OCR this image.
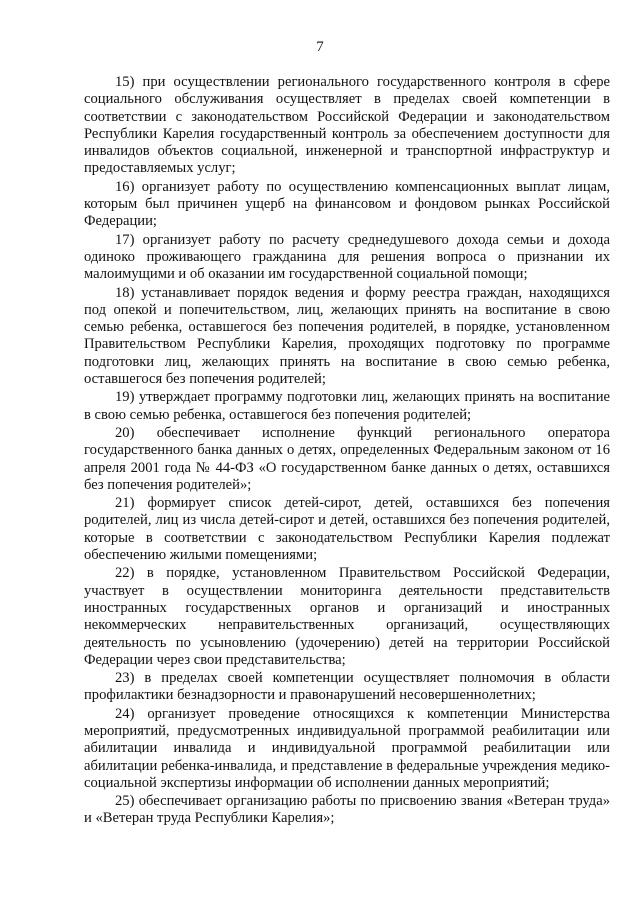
7

15) при осуществлении регионального государственного контроля в сфере социального обслуживания осуществляет в пределах своей компетенции в соответствии с законодательством Российской Федерации и законодательством Республики Карелия государственный контроль за обеспечением доступности для инвалидов объектов социальной, инженерной и транспортной инфраструктур и предоставляемых услуг;

16) организует работу по осуществлению компенсационных выплат лицам, которым был причинен ущерб на финансовом и фондовом рынках Российской Федерации;

17) организует работу по расчету среднедушевого дохода семьи и дохода одиноко проживающего гражданина для решения вопроса о признании их малоимущими и об оказании им государственной социальной помощи;

18) устанавливает порядок ведения и форму реестра граждан, находящихся под опекой и попечительством, лиц, желающих принять на воспитание в свою семью ребенка, оставшегося без попечения родителей, в порядке, установленном Правительством Республики Карелия, проходящих подготовку по программе подготовки лиц, желающих принять на воспитание в свою семью ребенка, оставшегося без попечения родителей;

19) утверждает программу подготовки лиц, желающих принять на воспитание в свою семью ребенка, оставшегося без попечения родителей;

20) обеспечивает исполнение функций регионального оператора государственного банка данных о детях, определенных Федеральным законом от 16 апреля 2001 года № 44-ФЗ «О государственном банке данных о детях, оставшихся без попечения родителей»;

21) формирует список детей-сирот, детей, оставшихся без попечения родителей, лиц из числа детей-сирот и детей, оставшихся без попечения родителей, которые в соответствии с законодательством Республики Карелия подлежат обеспечению жилыми помещениями;

22) в порядке, установленном Правительством Российской Федерации, участвует в осуществлении мониторинга деятельности представительств иностранных государственных органов и организаций и иностранных некоммерческих неправительственных организаций, осуществляющих деятельность по усыновлению (удочерению) детей на территории Российской Федерации через свои представительства;

23) в пределах своей компетенции осуществляет полномочия в области профилактики безнадзорности и правонарушений несовершеннолетних;

24) организует проведение относящихся к компетенции Министерства мероприятий, предусмотренных индивидуальной программой реабилитации или абилитации инвалида и индивидуальной программой реабилитации или абилитации ребенка-инвалида, и представление в федеральные учреждения медико-социальной экспертизы информации об исполнении данных мероприятий;

25) обеспечивает организацию работы по присвоению звания «Ветеран труда» и «Ветеран труда Республики Карелия»;
